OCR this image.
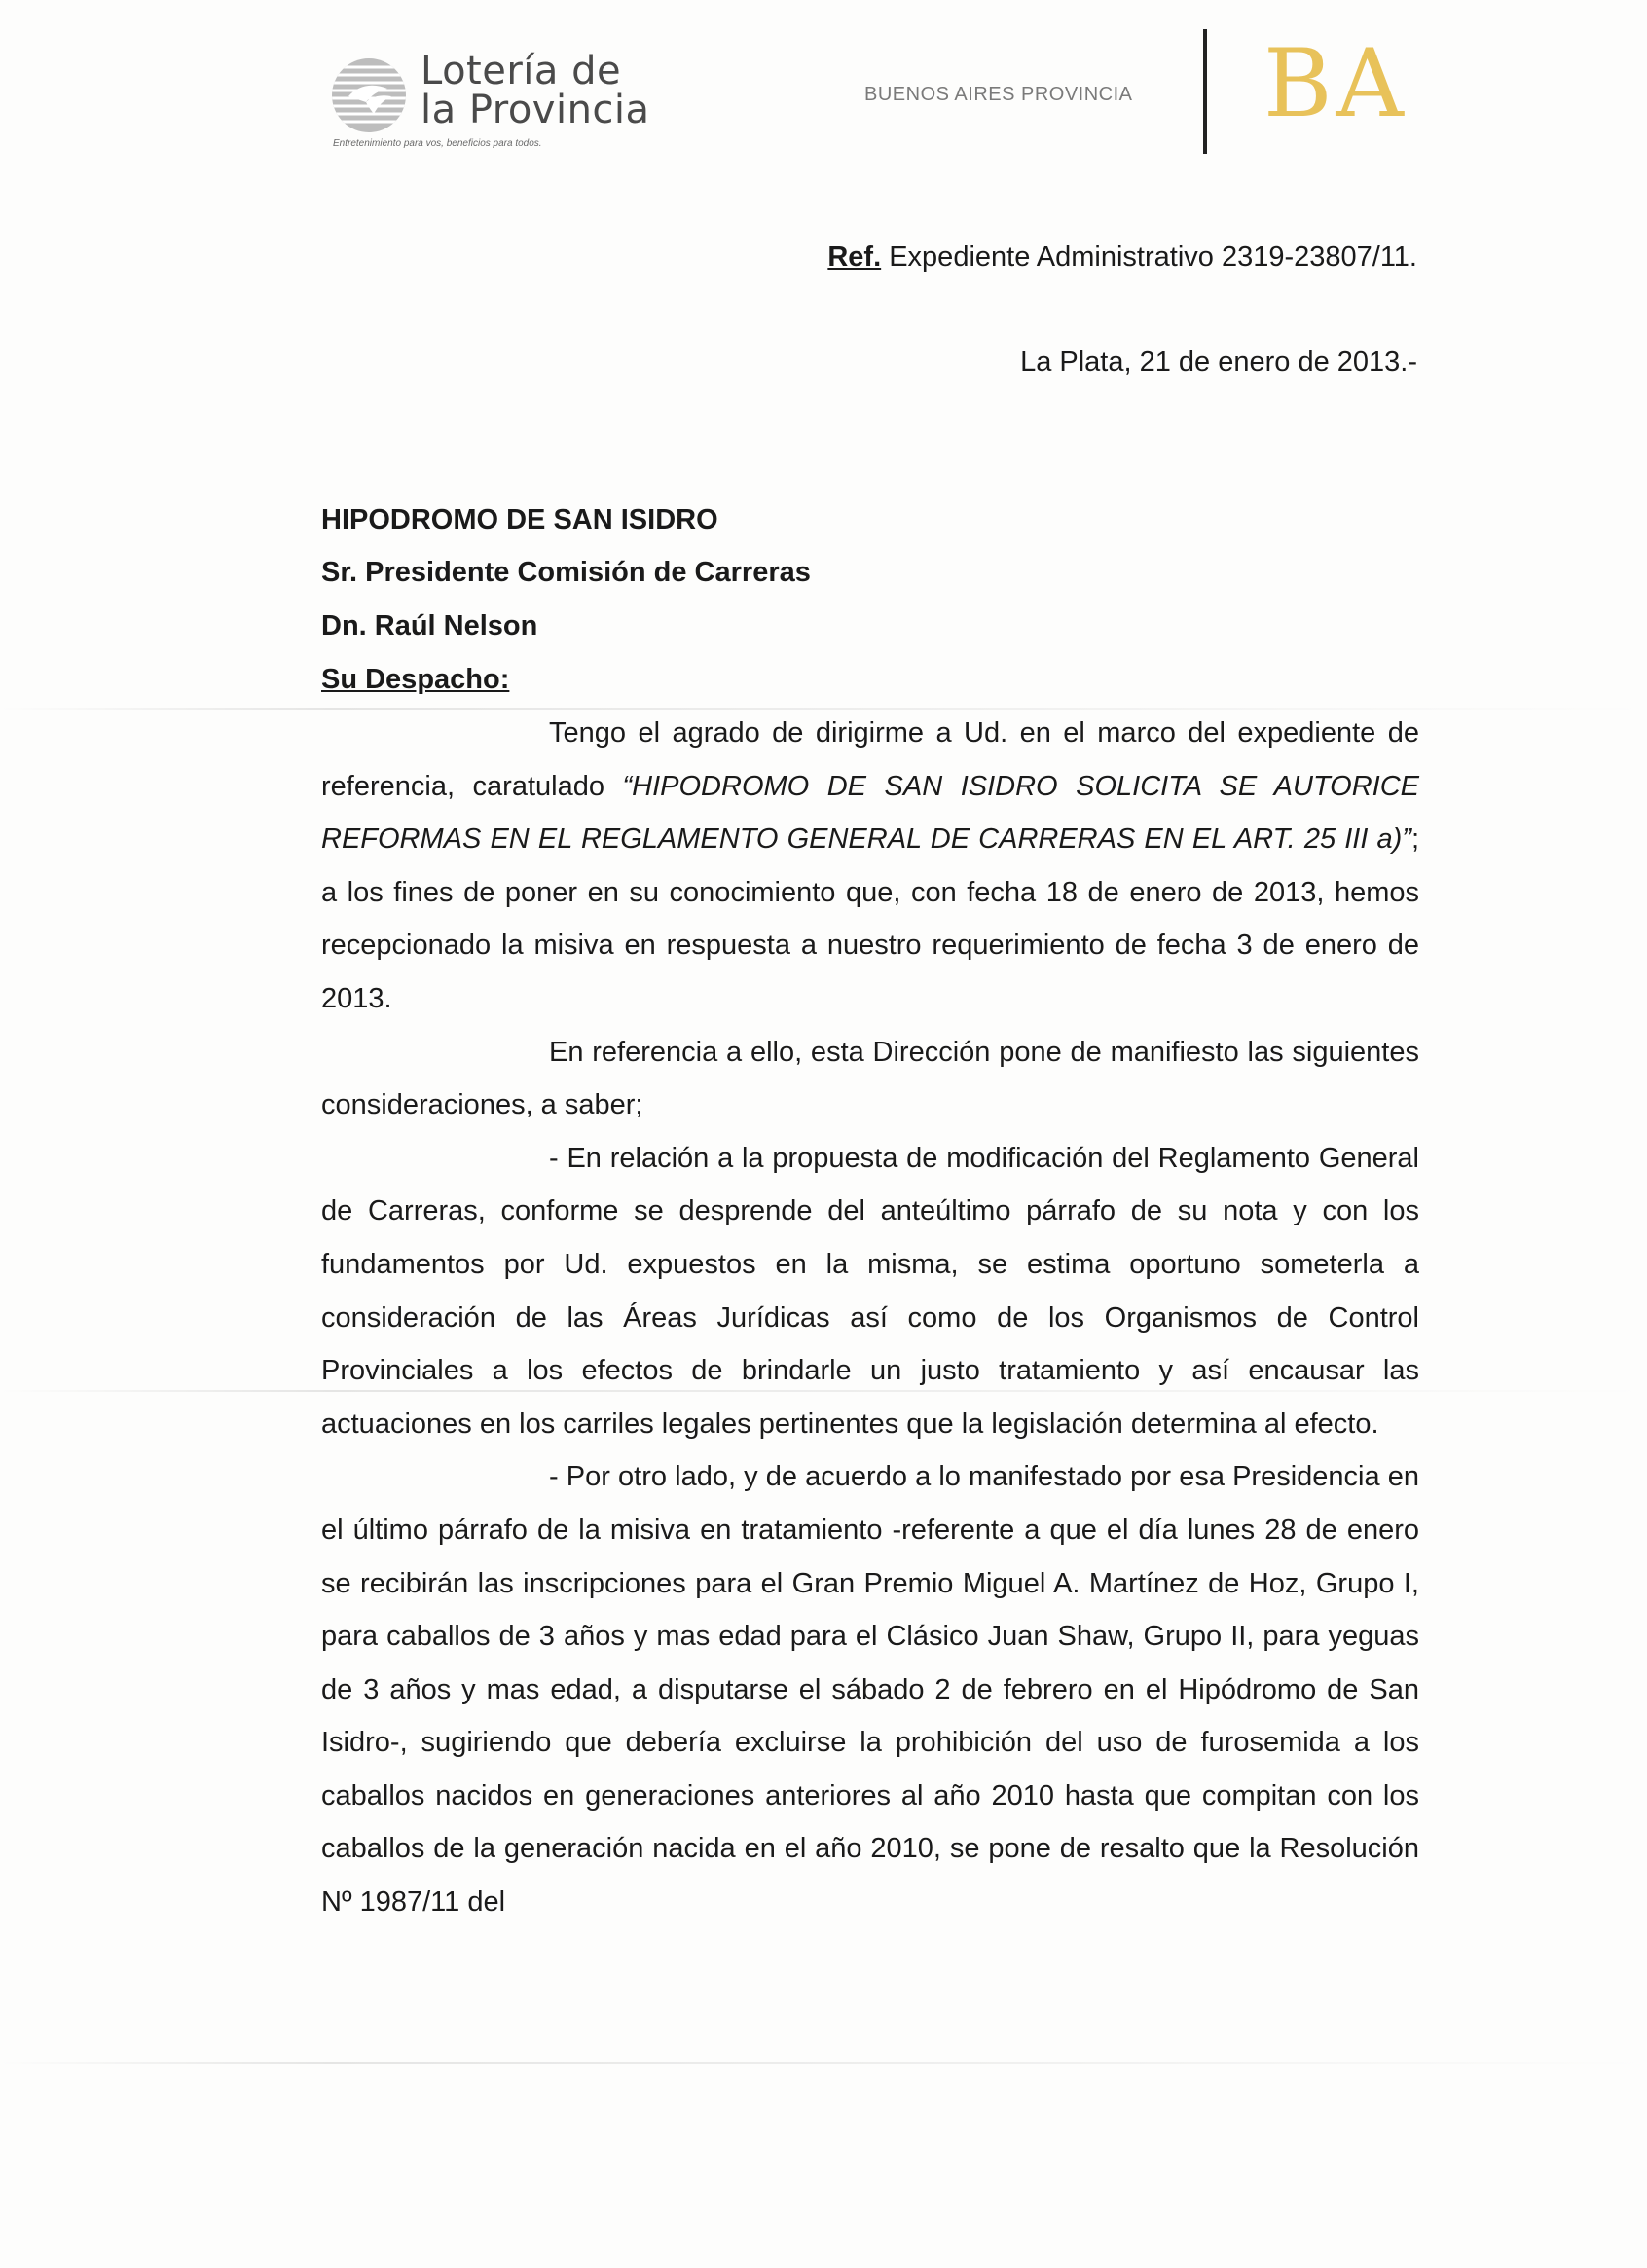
Lotería de
la Provincia
Entretenimiento para vos, beneficios para todos.
BUENOS AIRES PROVINCIA BA
Ref. Expediente Administrativo 2319-23807/11.
La Plata, 21 de enero de 2013.-
HIPODROMO DE SAN ISIDRO
Sr. Presidente Comisión de Carreras
Dn. Raúl Nelson
Su Despacho:

Tengo el agrado de dirigirme a Ud. en el marco del expediente de referencia, caratulado “HIPODROMO DE SAN ISIDRO SOLICITA SE AUTORICE REFORMAS EN EL REGLAMENTO GENERAL DE CARRERAS EN EL ART. 25 III a)”; a los fines de poner en su conocimiento que, con fecha 18 de enero de 2013, hemos recepcionado la misiva en respuesta a nuestro requerimiento de fecha 3 de enero de 2013.

En referencia a ello, esta Dirección pone de manifiesto las siguientes consideraciones, a saber;

- En relación a la propuesta de modificación del Reglamento General de Carreras, conforme se desprende del anteúltimo párrafo de su nota y con los fundamentos por Ud. expuestos en la misma, se estima oportuno someterla a consideración de las Áreas Jurídicas así como de los Organismos de Control Provinciales a los efectos de brindarle un justo tratamiento y así encausar las actuaciones en los carriles legales pertinentes que la legislación determina al efecto.

- Por otro lado, y de acuerdo a lo manifestado por esa Presidencia en el último párrafo de la misiva en tratamiento -referente a que el día lunes 28 de enero se recibirán las inscripciones para el Gran Premio Miguel A. Martínez de Hoz, Grupo I, para caballos de 3 años y mas edad para el Clásico Juan Shaw, Grupo II, para yeguas de 3 años y mas edad, a disputarse el sábado 2 de febrero en el Hipódromo de San Isidro-, sugiriendo que debería excluirse la prohibición del uso de furosemida a los caballos nacidos en generaciones anteriores al año 2010 hasta que compitan con los caballos de la generación nacida en el año 2010, se pone de resalto que la Resolución Nº 1987/11 del
